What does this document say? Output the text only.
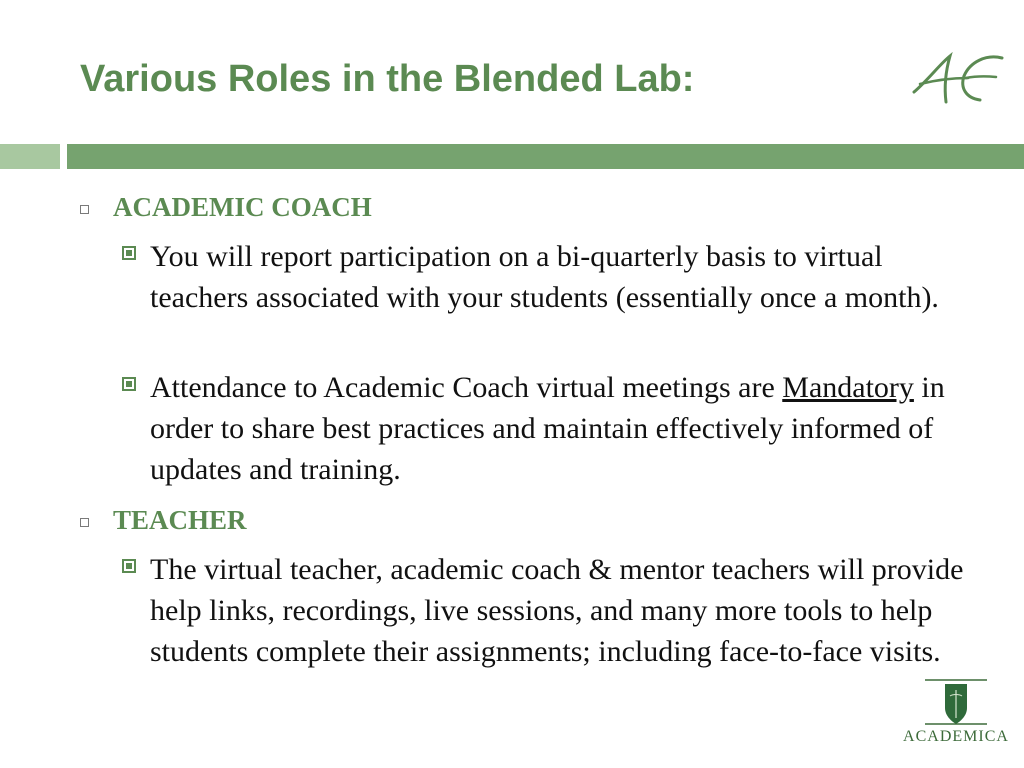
Various Roles in the Blended Lab:
ACADEMIC COACH
You will report participation on a bi-quarterly basis to virtual teachers associated with your students (essentially once a month).
Attendance to Academic Coach virtual meetings are Mandatory in order to share best practices and maintain effectively informed of updates and training.
TEACHER
The virtual teacher, academic coach & mentor teachers will provide help links, recordings, live sessions, and many more tools to help students complete their assignments; including face-to-face visits.
ACADEMICA
